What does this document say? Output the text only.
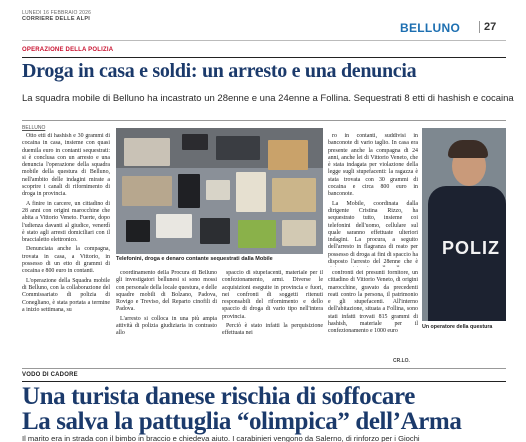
LUNEDI 16 FEBBRAIO 2026
CORRIERE DELLE ALPI
BELLUNO 27
OPERAZIONE DELLA POLIZIA
Droga in casa e soldi: un arresto e una denuncia
La squadra mobile di Belluno ha incastrato un 28enne e una 24enne a Follina. Sequestrati 8 etti di hashish e cocaina
BELLUNO

Otto etti di hashish e 30 grammi di cocaina in casa, insieme con quasi duemila euro in contanti sequestrati: si è conclusa con un arresto e una denuncia l'operazione della squadra mobile della questura di Belluno, nell'ambito delle indagini mirate a scoprire i canali di rifornimento di droga in provincia.

A finire in carcere, un cittadino di 28 anni con origini marocchine che abita a Vittorio Veneto. Fuerte, dopo l'udienza davanti al giudice, venerdì è stato agli arresti domiciliari con il braccialetto elettronico.

Denunciata anche la compagna, trovata in casa, a Vittorio, in possesso di un etto di grammi di cocaina e 800 euro in contanti.

L'operazione della Squadra mobile di Belluno, con la collaborazione del Commissariato di polizia di Conegliano, è stata portata a termine a inizio settimana, su

Telefonini, droga e denaro contante sequestrati dalla Mobile

coordinamento della Procura di Belluno gli investigatori bellunesi si sono mossi con personale della locale questura, e delle squadre mobili di Bolzano, Padova, Rovigo e Treviso, del Reparto cinofili di Padova.

L'arresto si colloca in una più ampia attività di polizia giudiziaria in contrasto allo

spaccio di stupefacenti, materiale per il confezionamento, armi. Diverse le acquisizioni eseguite in provincia e fuori, nei confronti di soggetti ritenuti responsabili del rifornimento e dello spaccio di droga di vario tipo nell'intera provincia.

Perciò è stato infatti la perquisizione effettuata nei

confronti dei presunti fornitore, un cittadino di Vittorio Veneto, di origini marocchine, gravato da precedenti reati contro la persona, il patrimonio e gli stupefacenti. All'interno dell'abitazione, situata a Follina, sono stati infatti trovati 815 grammi di hashish, materiale per il confezionamento e 1000 euro

ro in contanti, suddivisi in banconote di vario taglio. In casa era presente anche la compagna di 24 anni, anche lei di Vittorio Veneto, che è stata indagata per violazione della legge sugli stupefacenti: la ragazza è stata trovata con 30 grammi di cocaina e circa 800 euro in banconote.

La Mobile, coordinata dalla dirigente Cristina Rizzo, ha sequestrato tutto, insieme coi telefonini dell'uomo, cellulare sul quale saranno effettuate ulteriori indagini. La procura, a seguito dell'arresto in flagranza di reato per possesso di droga ai fini di spaccio ha disposto l'arresto del 28enne che è

POLIZ
Un operatore della questura
CR.LO.
VODO DI CADORE
Una turista danese rischia di soffocare
La salva la pattuglia “olimpica” dell’Arma
Il marito era in strada con il bimbo in braccio e chiedeva aiuto. I carabinieri vengono da Salerno, di rinforzo per i Giochi
